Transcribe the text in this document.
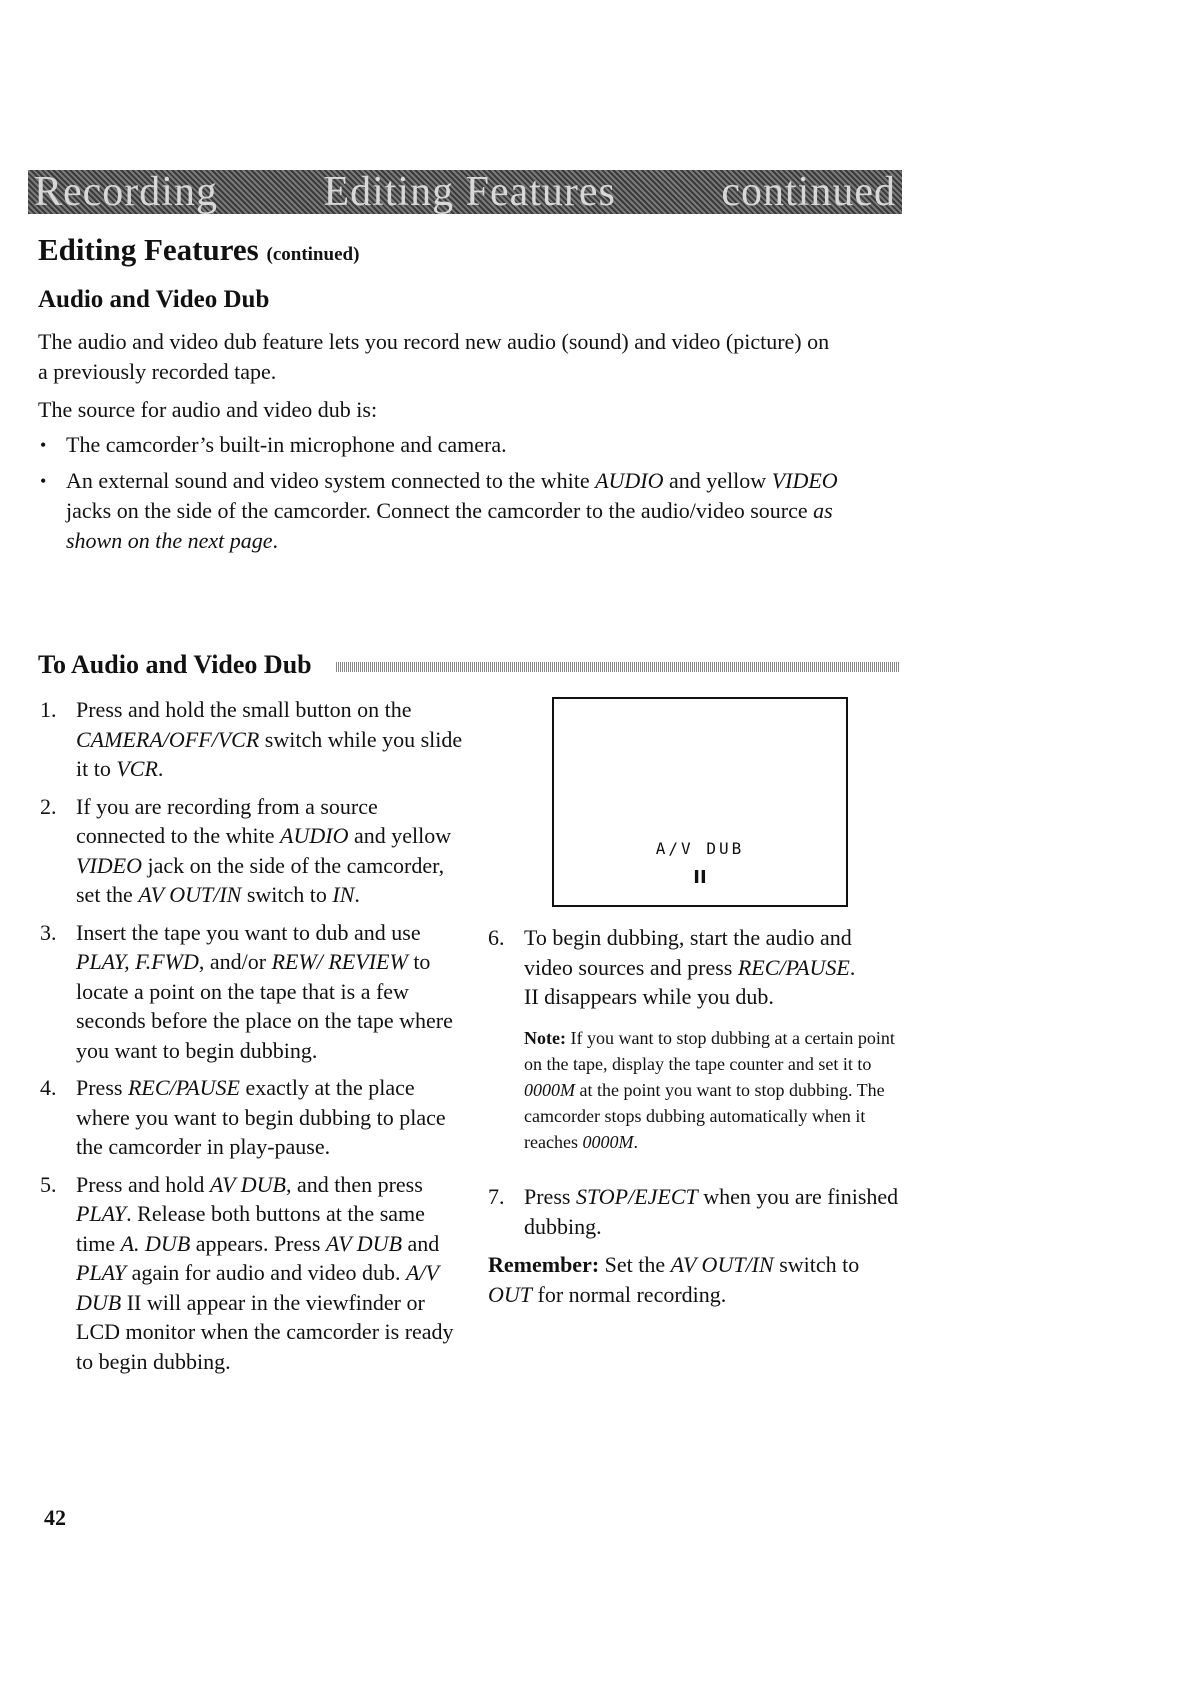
Recording	Editing Features	continued
Editing Features (continued)
Audio and Video Dub
The audio and video dub feature lets you record new audio (sound) and video (picture) on a previously recorded tape.
The source for audio and video dub is:
• The camcorder’s built-in microphone and camera.
• An external sound and video system connected to the white AUDIO and yellow VIDEO jacks on the side of the camcorder. Connect the camcorder to the audio/video source as shown on the next page.
To Audio and Video Dub
1. Press and hold the small button on the CAMERA/OFF/VCR switch while you slide it to VCR.
2. If you are recording from a source connected to the white AUDIO and yellow VIDEO jack on the side of the camcorder, set the AV OUT/IN switch to IN.
3. Insert the tape you want to dub and use PLAY, F.FWD, and/or REW/ REVIEW to locate a point on the tape that is a few seconds before the place on the tape where you want to begin dubbing.
4. Press REC/PAUSE exactly at the place where you want to begin dubbing to place the camcorder in play-pause.
5. Press and hold AV DUB, and then press PLAY. Release both buttons at the same time A. DUB appears. Press AV DUB and PLAY again for audio and video dub. A/V DUB II will appear in the viewfinder or LCD monitor when the camcorder is ready to begin dubbing.
A/V DUB
II
6. To begin dubbing, start the audio and video sources and press REC/PAUSE.
II disappears while you dub.
Note: If you want to stop dubbing at a certain point on the tape, display the tape counter and set it to 0000M at the point you want to stop dubbing. The camcorder stops dubbing automatically when it reaches 0000M.
7. Press STOP/EJECT when you are finished dubbing.
Remember: Set the AV OUT/IN switch to OUT for normal recording.
42
